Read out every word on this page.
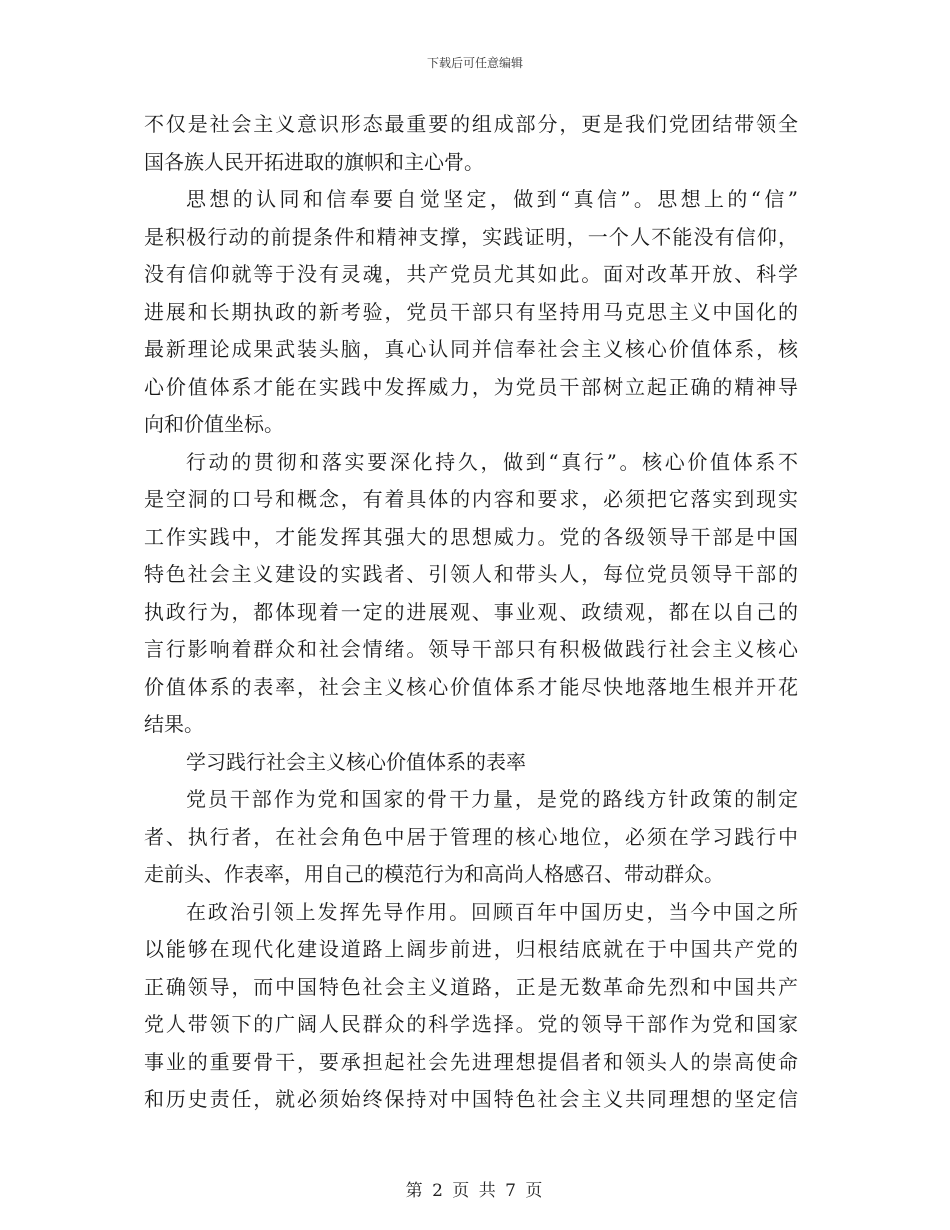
下载后可任意编辑
不仅是社会主义意识形态最重要的组成部分，更是我们党团结带领全
国各族人民开拓进取的旗帜和主心骨。
思想的认同和信奉要自觉坚定，做到“真信”。思想上的“信”
是积极行动的前提条件和精神支撑，实践证明，一个人不能没有信仰，
没有信仰就等于没有灵魂，共产党员尤其如此。面对改革开放、科学
进展和长期执政的新考验，党员干部只有坚持用马克思主义中国化的
最新理论成果武装头脑，真心认同并信奉社会主义核心价值体系，核
心价值体系才能在实践中发挥威力，为党员干部树立起正确的精神导
向和价值坐标。
行动的贯彻和落实要深化持久，做到“真行”。核心价值体系不
是空洞的口号和概念，有着具体的内容和要求，必须把它落实到现实
工作实践中，才能发挥其强大的思想威力。党的各级领导干部是中国
特色社会主义建设的实践者、引领人和带头人，每位党员领导干部的
执政行为，都体现着一定的进展观、事业观、政绩观，都在以自己的
言行影响着群众和社会情绪。领导干部只有积极做践行社会主义核心
价值体系的表率，社会主义核心价值体系才能尽快地落地生根并开花
结果。
学习践行社会主义核心价值体系的表率
党员干部作为党和国家的骨干力量，是党的路线方针政策的制定
者、执行者，在社会角色中居于管理的核心地位，必须在学习践行中
走前头、作表率，用自己的模范行为和高尚人格感召、带动群众。
在政治引领上发挥先导作用。回顾百年中国历史，当今中国之所
以能够在现代化建设道路上阔步前进，归根结底就在于中国共产党的
正确领导，而中国特色社会主义道路，正是无数革命先烈和中国共产
党人带领下的广阔人民群众的科学选择。党的领导干部作为党和国家
事业的重要骨干，要承担起社会先进理想提倡者和领头人的崇高使命
和历史责任，就必须始终保持对中国特色社会主义共同理想的坚定信
第 2 页 共 7 页
